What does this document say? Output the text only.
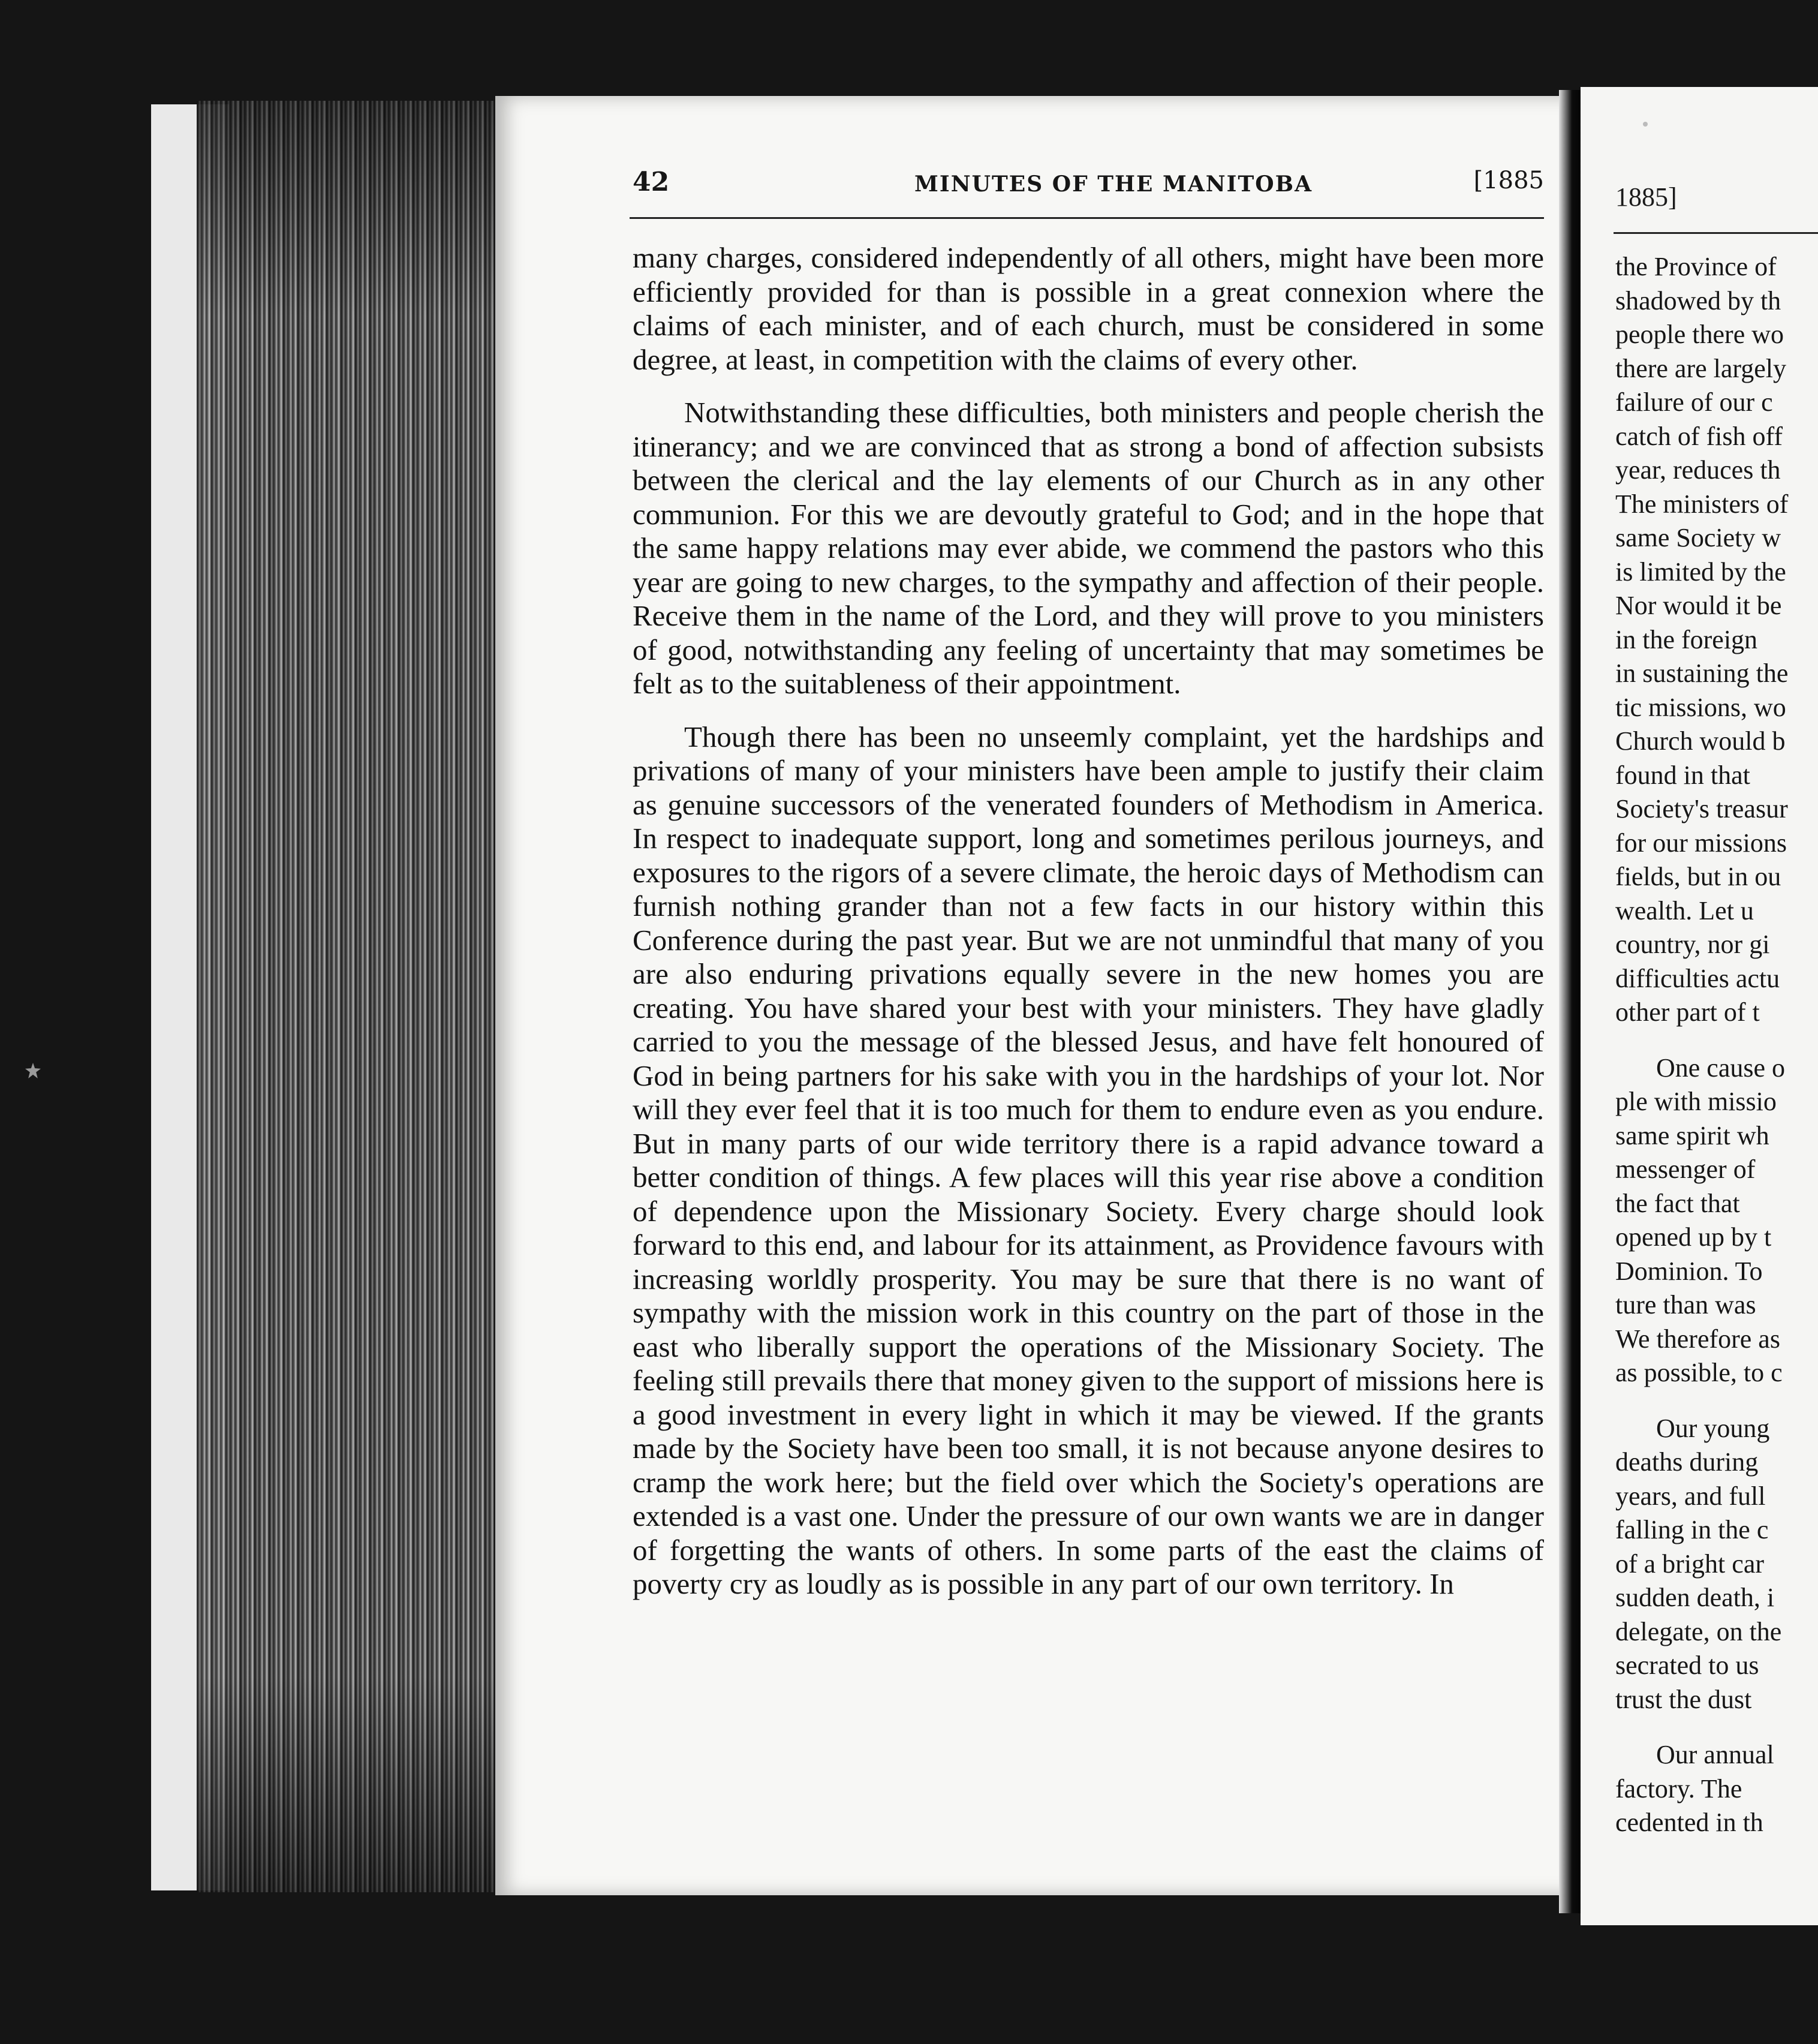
42	MINUTES OF THE MANITOBA	[1885

many charges, considered independently of all others, might have been more efficiently provided for than is possible in a great connexion where the claims of each minister, and of each church, must be considered in some degree, at least, in competition with the claims of every other.

Notwithstanding these difficulties, both ministers and people cherish the itinerancy; and we are convinced that as strong a bond of affection subsists between the clerical and the lay elements of our Church as in any other communion. For this we are devoutly grateful to God; and in the hope that the same happy relations may ever abide, we commend the pastors who this year are going to new charges, to the sympathy and affection of their people. Receive them in the name of the Lord, and they will prove to you ministers of good, notwithstanding any feeling of uncertainty that may sometimes be felt as to the suitableness of their appointment.

Though there has been no unseemly complaint, yet the hardships and privations of many of your ministers have been ample to justify their claim as genuine successors of the venerated founders of Methodism in America. In respect to inadequate support, long and sometimes perilous journeys, and exposures to the rigors of a severe climate, the heroic days of Methodism can furnish nothing grander than not a few facts in our history within this Conference during the past year. But we are not unmindful that many of you are also enduring privations equally severe in the new homes you are creating. You have shared your best with your ministers. They have gladly carried to you the message of the blessed Jesus, and have felt honoured of God in being partners for his sake with you in the hardships of your lot. Nor will they ever feel that it is too much for them to endure even as you endure. But in many parts of our wide territory there is a rapid advance toward a better condition of things. A few places will this year rise above a condition of dependence upon the Missionary Society. Every charge should look forward to this end, and labour for its attainment, as Providence favours with increasing worldly prosperity. You may be sure that there is no want of sympathy with the mission work in this country on the part of those in the east who liberally support the operations of the Missionary Society. The feeling still prevails there that money given to the support of missions here is a good investment in every light in which it may be viewed. If the grants made by the Society have been too small, it is not because anyone desires to cramp the work here; but the field over which the Society's operations are extended is a vast one. Under the pressure of our own wants we are in danger of forgetting the wants of others. In some parts of the east the claims of poverty cry as loudly as is possible in any part of our own territory. In

1885]
the Province of
shadowed by th
people there wo
there are largely
failure of our c
catch of fish off
year, reduces th
The ministers of
same Society w
is limited by the
Nor would it be
in the foreign
in sustaining the
tic missions, wo
Church would b
found in that
Society's treasur
for our missions
fields, but in ou
wealth. Let u
country, nor gi
difficulties actu
other part of t
One cause o
ple with missio
same spirit wh
messenger of
the fact that
opened up by t
Dominion. To
ture than was
We therefore as
as possible, to c
Our young
deaths during
years, and full
falling in the c
of a bright car
sudden death, i
delegate, on the
secrated to us
trust the dust
Our annual
factory. The
cedented in th
